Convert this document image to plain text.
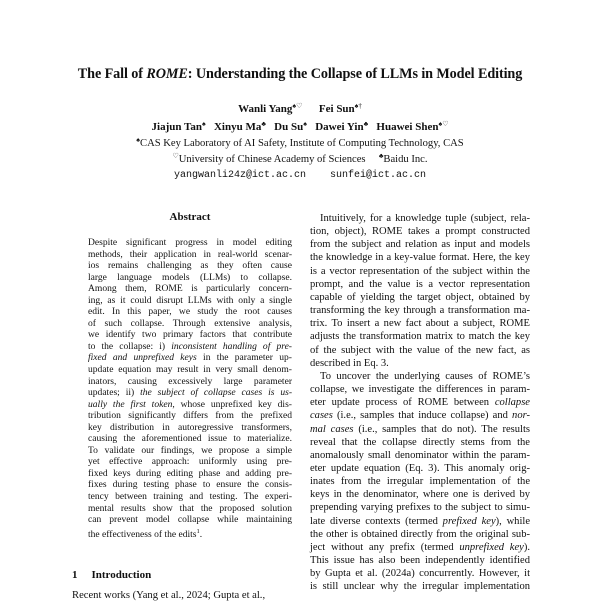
The Fall of ROME: Understanding the Collapse of LLMs in Model Editing
Wanli Yang♠♡ Fei Sun♠†
Jiajun Tan♠ Xinyu Ma♣ Du Su♠ Dawei Yin♣ Huawei Shen♠♡
♠CAS Key Laboratory of AI Safety, Institute of Computing Technology, CAS
♡University of Chinese Academy of Sciences ♣Baidu Inc.
yangwanli24z@ict.ac.cn sunfei@ict.ac.cn
Abstract
Despite significant progress in model editing
methods, their application in real-world scenar-
ios remains challenging as they often cause
large language models (LLMs) to collapse.
Among them, ROME is particularly concern-
ing, as it could disrupt LLMs with only a single
edit. In this paper, we study the root causes
of such collapse. Through extensive analysis,
we identify two primary factors that contribute
to the collapse: i) inconsistent handling of pre-
fixed and unprefixed keys in the parameter up-
update equation may result in very small denom-
inators, causing excessively large parameter
updates; ii) the subject of collapse cases is us-
ually the first token, whose unprefixed key dis-
tribution significantly differs from the prefixed
key distribution in autoregressive transformers,
causing the aforementioned issue to materialize.
To validate our findings, we propose a simple
yet effective approach: uniformly using pre-
fixed keys during editing phase and adding pre-
fixes during testing phase to ensure the consis-
tency between training and testing. The experi-
mental results show that the proposed solution
can prevent model collapse while maintaining
the effectiveness of the edits$^1$.
1 Introduction
Recent works (Yang et al., 2024; Gupta et al.,
Intuitively, for a knowledge tuple (subject, rela-
tion, object), ROME takes a prompt constructed
from the subject and relation as input and models
the knowledge in a key-value format. Here, the key
is a vector representation of the subject within the
prompt, and the value is a vector representation
capable of yielding the target object, obtained by
transforming the key through a transformation ma-
trix. To insert a new fact about a subject, ROME
adjusts the transformation matrix to match the key
of the subject with the value of the new fact, as
described in Eq. 3.
To uncover the underlying causes of ROME’s
collapse, we investigate the differences in param-
eter update process of ROME between collapse
cases (i.e., samples that induce collapse) and nor-
mal cases (i.e., samples that do not). The results
reveal that the collapse directly stems from the
anomalously small denominator within the param-
eter update equation (Eq. 3). This anomaly orig-
inates from the irregular implementation of the
keys in the denominator, where one is derived by
prepending varying prefixes to the subject to simu-
late diverse contexts (termed prefixed key), while
the other is obtained directly from the original sub-
ject without any prefix (termed unprefixed key).
This issue has also been independently identified
by Gupta et al. (2024a) concurrently. However, it
is still unclear why the irregular implementation
